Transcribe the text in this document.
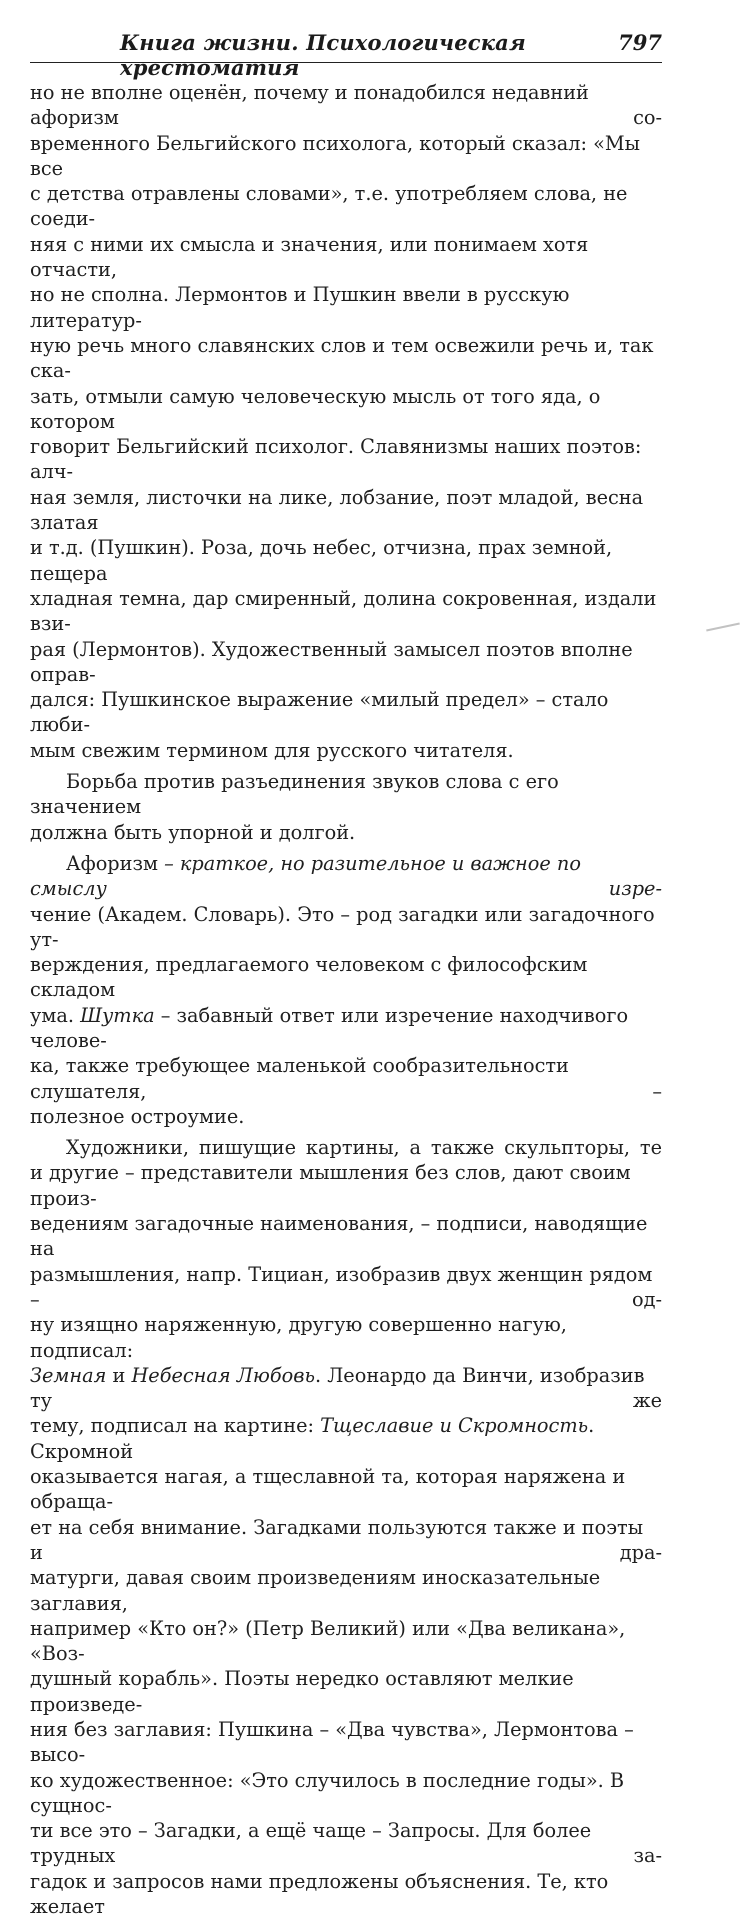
Книга жизни. Психологическая хрестоматия
797
но не вполне оценён, почему и понадобился недавний афоризм со-
временного Бельгийского психолога, который сказал: «Мы все
с детства отравлены словами», т.е. употребляем слова, не соеди-
няя с ними их смысла и значения, или понимаем хотя отчасти,
но не сполна. Лермонтов и Пушкин ввели в русскую литератур-
ную речь много славянских слов и тем освежили речь и, так ска-
зать, отмыли самую человеческую мысль от того яда, о котором
говорит Бельгийский психолог. Славянизмы наших поэтов: алч-
ная земля, листочки на лике, лобзание, поэт младой, весна златая
и т.д. (Пушкин). Роза, дочь небес, отчизна, прах земной, пещера
хладная темна, дар смиренный, долина сокровенная, издали взи-
рая (Лермонтов). Художественный замысел поэтов вполне оправ-
дался: Пушкинское выражение «милый предел» – стало люби-
мым свежим термином для русского читателя.
Борьба против разъединения звуков слова с его значением
должна быть упорной и долгой.
Афоризм – краткое, но разительное и важное по смыслу изре-
чение (Академ. Словарь). Это – род загадки или загадочного ут-
верждения, предлагаемого человеком с философским складом
ума. Шутка – забавный ответ или изречение находчивого челове-
ка, также требующее маленькой сообразительности слушателя, –
полезное остроумие.
Художники, пишущие картины, а также скульпторы, те
и другие – представители мышления без слов, дают своим произ-
ведениям загадочные наименования, – подписи, наводящие на
размышления, напр. Тициан, изобразив двух женщин рядом – од-
ну изящно наряженную, другую совершенно нагую, подписал:
Земная и Небесная Любовь. Леонардо да Винчи, изобразив ту же
тему, подписал на картине: Тщеславие и Скромность. Скромной
оказывается нагая, а тщеславной та, которая наряжена и обраща-
ет на себя внимание. Загадками пользуются также и поэты и дра-
матурги, давая своим произведениям иносказательные заглавия,
например «Кто он?» (Петр Великий) или «Два великана», «Воз-
душный корабль». Поэты нередко оставляют мелкие произведе-
ния без заглавия: Пушкина – «Два чувства», Лермонтова – высо-
ко художественное: «Это случилось в последние годы». В сущнос-
ти все это – Загадки, а ещё чаще – Запросы. Для более трудных за-
гадок и запросов нами предложены объяснения. Те, кто желает
